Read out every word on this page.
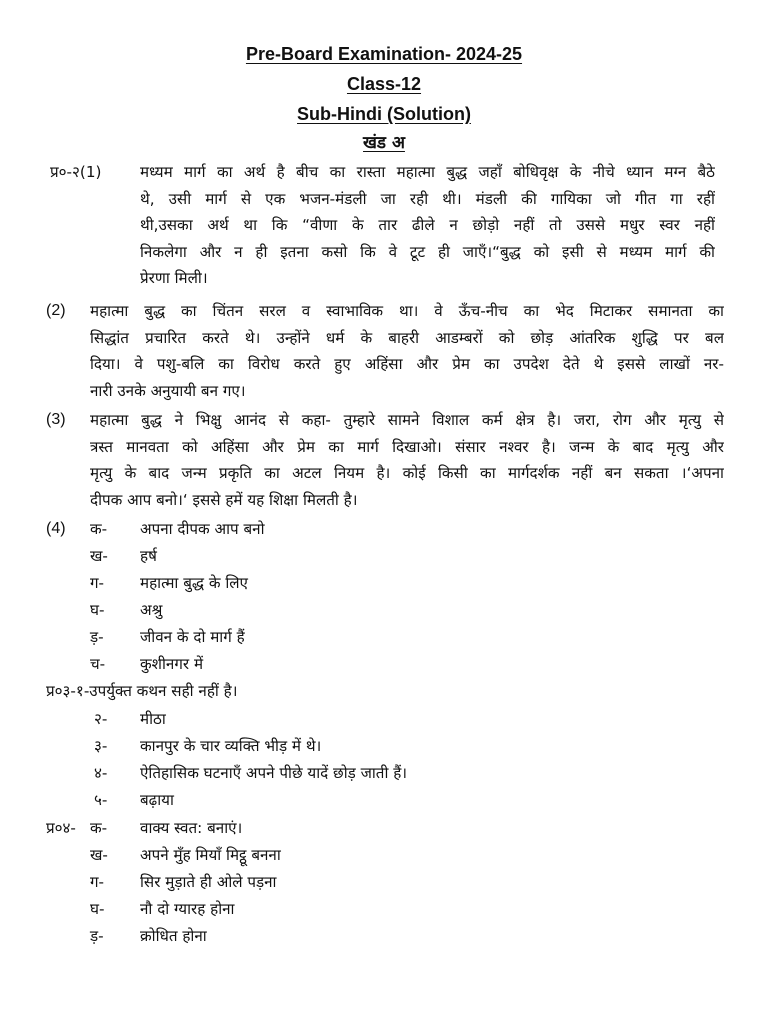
Pre-Board Examination- 2024-25
Class-12
Sub-Hindi (Solution)
खंड अ
प्र०-२(1)	मध्यम मार्ग का अर्थ है बीच का रास्ता महात्मा बुद्ध जहाँ बोधिवृक्ष के नीचे ध्यान मग्न बैठे
थे, उसी मार्ग से एक भजन-मंडली जा रही थी। मंडली की गायिका जो गीत गा रहीं
थी,उसका अर्थ था कि “वीणा के तार ढीले न छोड़ो नहीं तो उससे मधुर स्वर नहीं
निकलेगा और न ही इतना कसो कि वे टूट ही जाएँ।“बुद्ध को इसी से मध्यम मार्ग की
प्रेरणा मिली।
(2) महात्मा बुद्ध का चिंतन सरल व स्वाभाविक था। वे ऊँच-नीच का भेद मिटाकर समानता का
सिद्धांत प्रचारित करते थे। उन्होंने धर्म के बाहरी आडम्बरों को छोड़ आंतरिक शुद्धि पर बल
दिया। वे पशु-बलि का विरोध करते हुए अहिंसा और प्रेम का उपदेश देते थे इससे लाखों नर-
नारी उनके अनुयायी बन गए।
(3) महात्मा बुद्ध ने भिक्षु आनंद से कहा- तुम्हारे सामने विशाल कर्म क्षेत्र है। जरा, रोग और मृत्यु से
त्रस्त मानवता को अहिंसा और प्रेम का मार्ग दिखाओ। संसार नश्वर है। जन्म के बाद मृत्यु और
मृत्यु के बाद जन्म प्रकृति का अटल नियम है। कोई किसी का मार्गदर्शक नहीं बन सकता ।‘अपना
दीपक आप बनो।‘ इससे हमें यह शिक्षा मिलती है।
(4) क- अपना दीपक आप बनो
ख- हर्ष
ग- महात्मा बुद्ध के लिए
घ- अश्रु
ड़- जीवन के दो मार्ग हैं
च- कुशीनगर में
प्र०३-१-उपर्युक्त कथन सही नहीं है।
२- मीठा
३- कानपुर के चार व्यक्ति भीड़ में थे।
४- ऐतिहासिक घटनाएँ अपने पीछे यादें छोड़ जाती हैं।
५- बढ़ाया
प्र०४- क- वाक्य स्वत: बनाएं।
ख- अपने मुँह मियाँ मिट्ठू बनना
ग- सिर मुड़ाते ही ओले पड़ना
घ- नौ दो ग्यारह होना
ड़- क्रोधित होना
